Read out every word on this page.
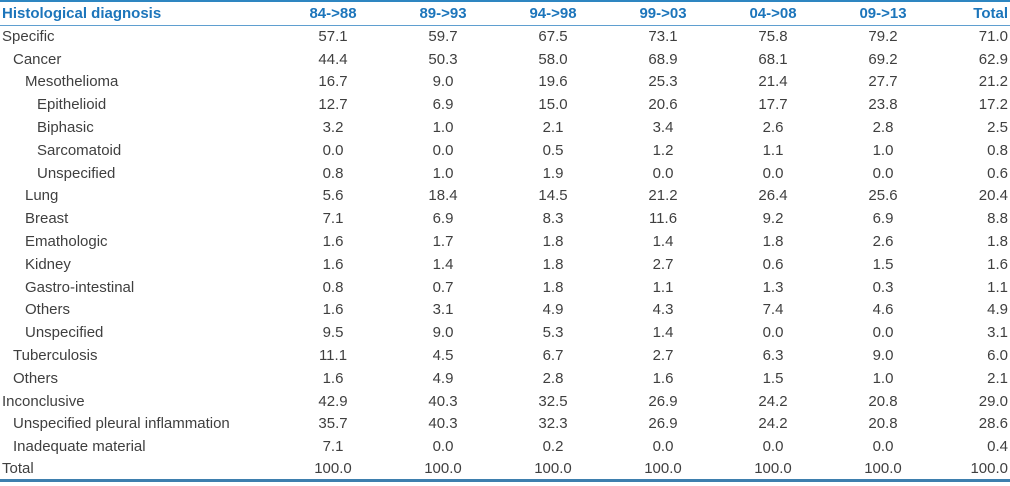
Histological diagnosis	84->88	89->93	94->98	99->03	04->08	09->13	Total
Specific	57.1	59.7	67.5	73.1	75.8	79.2	71.0
Cancer	44.4	50.3	58.0	68.9	68.1	69.2	62.9
Mesothelioma	16.7	9.0	19.6	25.3	21.4	27.7	21.2
Epithelioid	12.7	6.9	15.0	20.6	17.7	23.8	17.2
Biphasic	3.2	1.0	2.1	3.4	2.6	2.8	2.5
Sarcomatoid	0.0	0.0	0.5	1.2	1.1	1.0	0.8
Unspecified	0.8	1.0	1.9	0.0	0.0	0.0	0.6
Lung	5.6	18.4	14.5	21.2	26.4	25.6	20.4
Breast	7.1	6.9	8.3	11.6	9.2	6.9	8.8
Emathologic	1.6	1.7	1.8	1.4	1.8	2.6	1.8
Kidney	1.6	1.4	1.8	2.7	0.6	1.5	1.6
Gastro-intestinal	0.8	0.7	1.8	1.1	1.3	0.3	1.1
Others	1.6	3.1	4.9	4.3	7.4	4.6	4.9
Unspecified	9.5	9.0	5.3	1.4	0.0	0.0	3.1
Tuberculosis	11.1	4.5	6.7	2.7	6.3	9.0	6.0
Others	1.6	4.9	2.8	1.6	1.5	1.0	2.1
Inconclusive	42.9	40.3	32.5	26.9	24.2	20.8	29.0
Unspecified pleural inflammation	35.7	40.3	32.3	26.9	24.2	20.8	28.6
Inadequate material	7.1	0.0	0.2	0.0	0.0	0.0	0.4
Total	100.0	100.0	100.0	100.0	100.0	100.0	100.0
